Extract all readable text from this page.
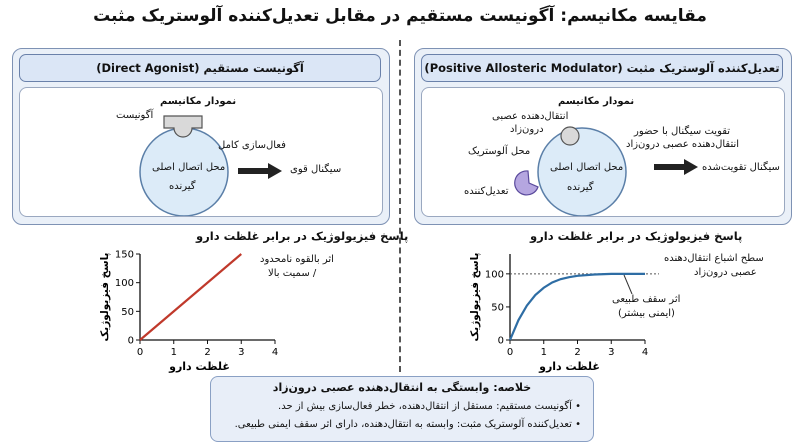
مقایسه مکانیسم: آگونیست مستقیم در مقابل تعدیل‌کننده آلوستریک مثبت
تعدیل‌کننده آلوستریک مثبت (Positive Allosteric Modulator)
نمودار مکانیسم
انتقال‌دهنده عصبی
درون‌زاد
محل آلوستریک
تعدیل‌کننده
محل اتصال اصلی
گیرنده
تقویت سیگنال با حضور
انتقال‌دهنده عصبی درون‌زاد
سیگنال تقویت‌شده
آگونیست مستقیم (Direct Agonist)
نمودار مکانیسم
آگونیست
فعال‌سازی کامل
محل اتصال اصلی
گیرنده
سیگنال قوی
پاسخ فیزیولوژیک در برابر غلظت دارو
اثر بالقوه نامحدود
/ سمیت بالا
0	1	2	3	4
0
50
100
150
غلظت دارو
پاسخ فیزیولوژیک
پاسخ فیزیولوژیک در برابر غلظت دارو
سطح اشباع انتقال‌دهنده
عصبی درون‌زاد
اثر سقف طبیعی
(ایمنی بیشتر)
0	1	2	3	4
0
50
100
غلظت دارو
پاسخ فیزیولوژیک
خلاصه: وابستگی به انتقال‌دهنده عصبی درون‌زاد
• آگونیست مستقیم: مستقل از انتقال‌دهنده، خطر فعال‌سازی بیش از حد.
• تعدیل‌کننده آلوستریک مثبت: وابسته به انتقال‌دهنده، دارای اثر سقف ایمنی طبیعی.
